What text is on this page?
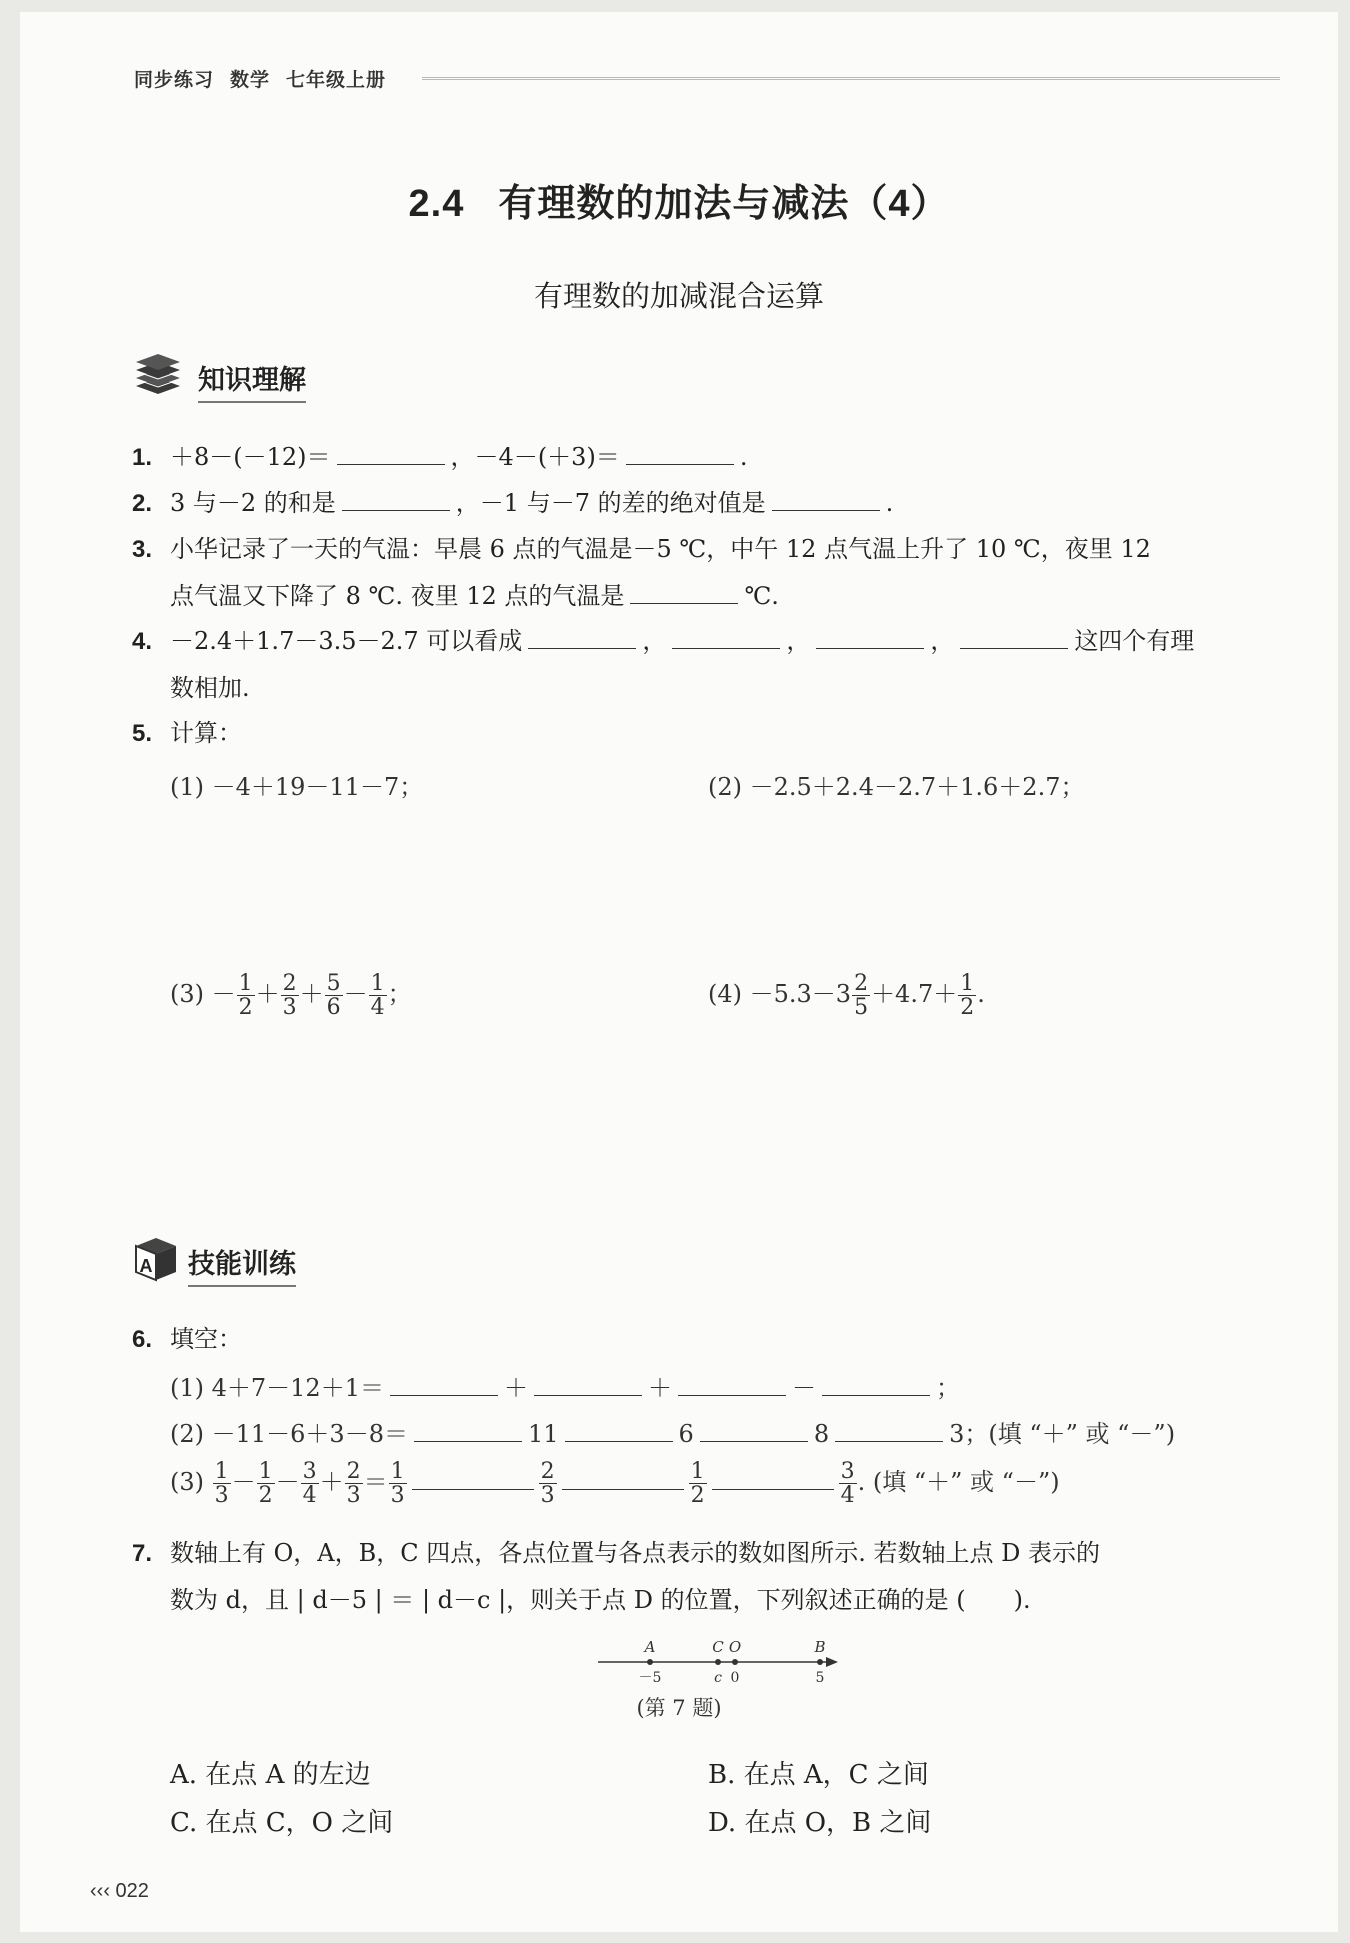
同步练习 数学 七年级上册
2.4 有理数的加法与减法（4）
有理数的加减混合运算
知识理解
1. ＋8－(－12)＝	，－4－(＋3)＝	.
2. 3 与－2 的和是	，－1 与－7 的差的绝对值是	.
3. 小华记录了一天的气温：早晨 6 点的气温是－5 ℃，中午 12 点气温上升了 10 ℃，夜里 12
点气温又下降了 8 ℃. 夜里 12 点的气温是	℃.
4. －2.4＋1.7－3.5－2.7 可以看成	，	，	，	这四个有理
数相加.
5. 计算：
(1) －4＋19－11－7；	(2) －2.5＋2.4－2.7＋1.6＋2.7；
$(3) - \frac{1}{2} + \frac{2}{3} + \frac{5}{6} - \frac{1}{4}$ ；	$(4) -5.3-3 \frac{2}{5} +4.7+ \frac{1}{2}$ .
A 技能训练
6. 填空：
(1) 4＋7－12＋1＝	＋	＋	－	；
(2) －11－6＋3－8＝	11	6	8	3；(填 “＋” 或 “－”)
$(3) \frac{1}{3} - \frac{1}{2} - \frac{3}{4} + \frac{2}{3} = \frac{1}{3}$	$\frac{2}{3}$	$\frac{1}{2}$	$\frac{3}{4}$ . (填 “＋” 或 “－”)
7. 数轴上有 O，A，B，C 四点，各点位置与各点表示的数如图所示. 若数轴上点 D 表示的
数为 d，且 | d－5 | ＝ | d－c |，则关于点 D 的位置，下列叙述正确的是 (　　).
A
－5
C
c
O
0
B
5
(第 7 题)
A. 在点 A 的左边	B. 在点 A，C 之间
C. 在点 C，O 之间	D. 在点 O，B 之间
‹‹‹ 022
